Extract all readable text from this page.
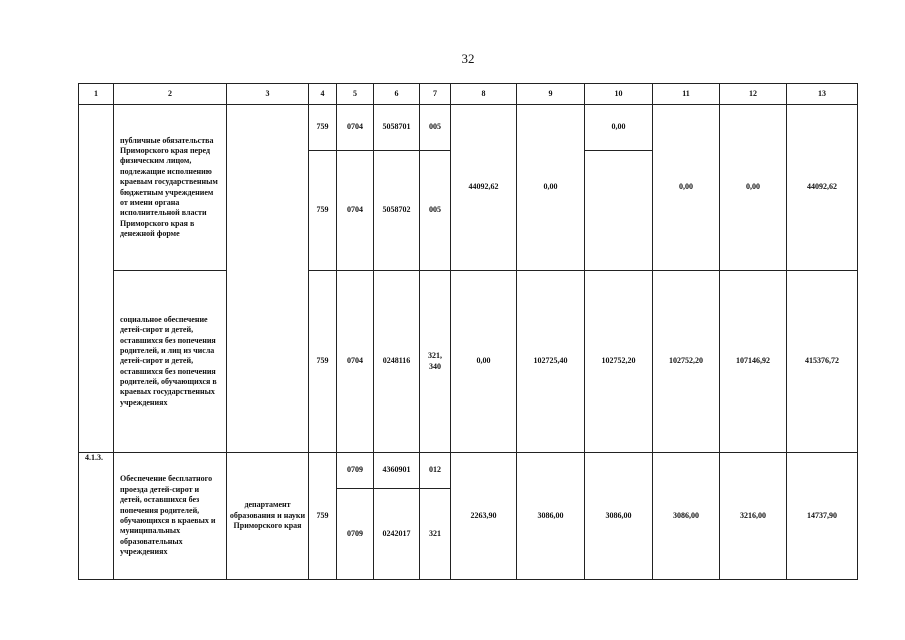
32
1	2	3	4	5	6	7	8	9	10	11	12	13
	публичные обязательства Приморского края перед физическим лицом, подлежащие исполнению краевым государственным бюджетным учреждением от имени органа исполнительной власти Приморского края в денежной форме		759	0704	5058701	005	44092,62	0,00	0,00	0,00	0,00	44092,62
			759	0704	5058702	005						
	социальное обеспечение детей-сирот и детей, оставшихся без попечения родителей, и лиц из числа детей-сирот и детей, оставшихся без попечения родителей, обучающихся в краевых государственных учреждениях		759	0704	0248116	321, 340	0,00	102725,40	102752,20	102752,20	107146,92	415376,72
4.1.3.	Обеспечение бесплатного проезда детей-сирот и детей, оставшихся без попечения родителей, обучающихся в краевых и муниципальных образовательных учреждениях	департамент образования и науки Приморского края	759	0709	4360901	012	2263,90	3086,00	3086,00	3086,00	3216,00	14737,90
				0709	0242017	321						
